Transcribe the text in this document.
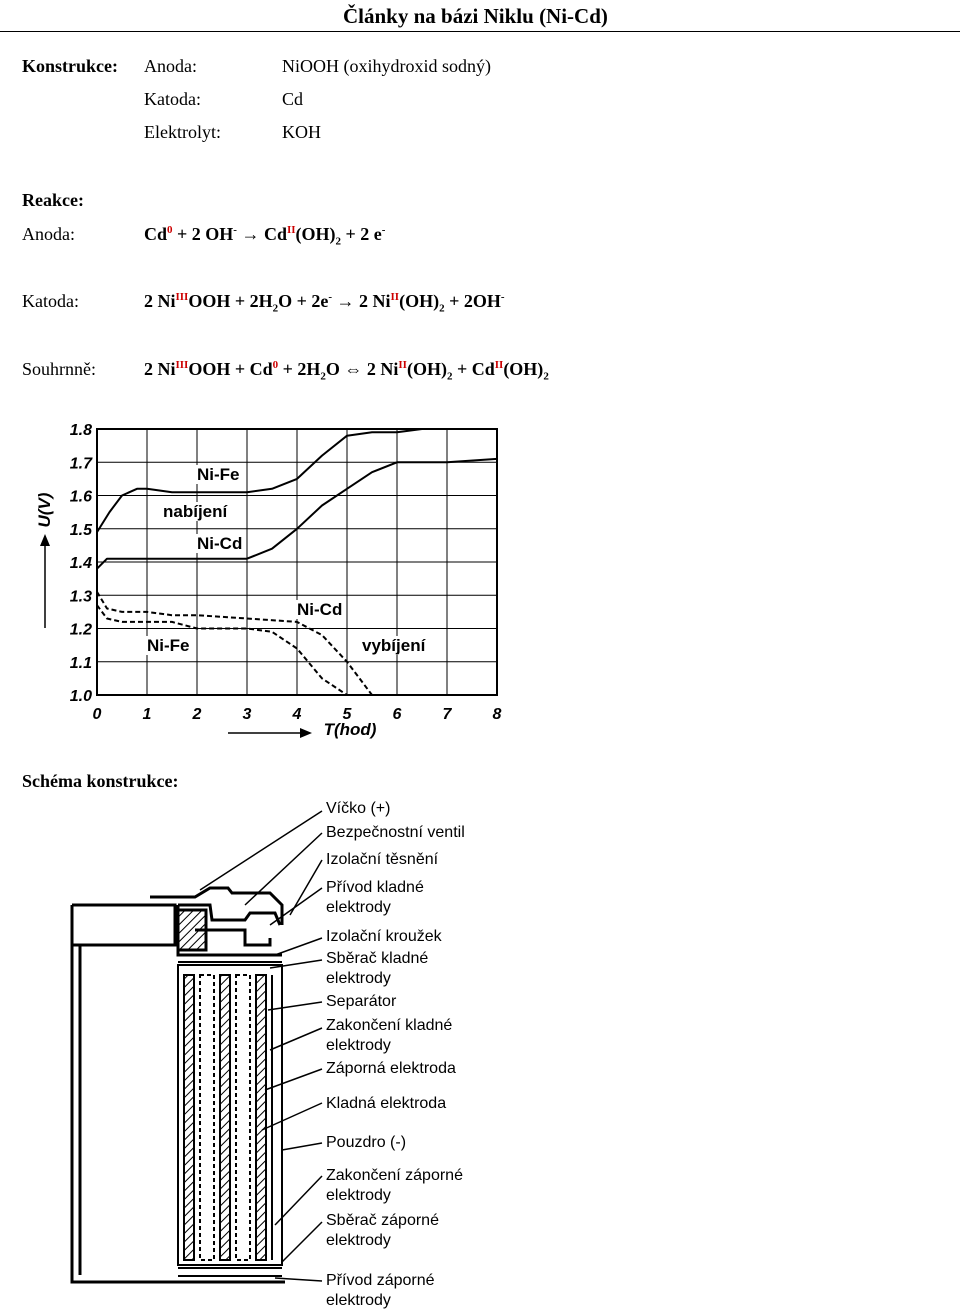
Články na bázi Niklu (Ni-Cd)
Konstrukce: Anoda:	NiOOH (oxihydroxid sodný)
Katoda:	Cd
Elektrolyt:	KOH
Reakce:
Anoda:	$Cd^0 + 2$ $OH^- \to Cd^{II}(OH)_2 + 2$ e-
Katoda:	2 $Ni^{III}OOH + 2H_2O + 2e^- \to 2$ $Ni^{II}(OH)_2 + 2OH^-$
Souhrnně:	2 $Ni^{III}OOH + Cd^0 + 2H_2O$ ⇔ 2 $Ni^{II}(OH)_2 + Cd^{II}(OH)_2$
0	1	2	3	4	5	6	7	8
1.8
1.7
1.6
1.5
1.4
1.3
1.2
1.1
1.0
T(hod)
U(V)
Ni-Fe
nabíjení
Ni-Cd
Ni-Cd
Ni-Fe	vybíjení
Schéma konstrukce:
Víčko (+)
Bezpečnostní ventil
Izolační těsnění
Přívod kladné
elektrody
Izolační kroužek
Sběrač kladné
elektrody
Separátor
Zakončení kladné
elektrody
Záporná elektroda
Kladná elektroda
Pouzdro (-)
Zakončení záporné
elektrody
Sběrač záporné
elektrody
Přívod záporné
elektrody
